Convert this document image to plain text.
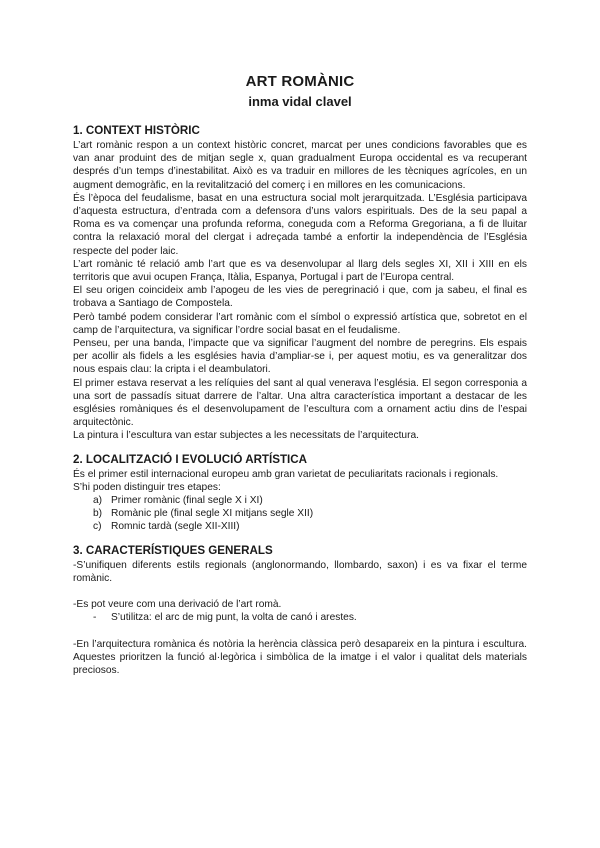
ART ROMÀNIC
inma vidal clavel
1. CONTEXT HISTÒRIC

L’art romànic respon a un context històric concret, marcat per unes condicions favorables que es van anar produint des de mitjan segle x, quan gradualment Europa occidental es va recuperant després d’un temps d’inestabilitat. Això es va traduir en millores de les tècniques agrícoles, en un augment demogràfic, en la revitalització del comerç i en millores en les comunicacions.

És l’època del feudalisme, basat en una estructura social molt jerarquitzada. L’Església participava d’aquesta estructura, d’entrada com a defensora d’uns valors espirituals. Des de la seu papal a Roma es va començar una profunda reforma, coneguda com a Reforma Gregoriana, a fi de lluitar contra la relaxació moral del clergat i adreçada també a enfortir la independència de l’Església respecte del poder laic.

L’art romànic té relació amb l’art que es va desenvolupar al llarg dels segles XI, XII i XIII en els territoris que avui ocupen França, Itàlia, Espanya, Portugal i part de l’Europa central.

El seu origen coincideix amb l’apogeu de les vies de peregrinació i que, com ja sabeu, el final es trobava a Santiago de Compostela.

Però també podem considerar l’art romànic com el símbol o expressió artística que, sobretot en el camp de l’arquitectura, va significar l’ordre social basat en el feudalisme.

Penseu, per una banda, l’impacte que va significar l’augment del nombre de peregrins. Els espais per acollir als fidels a les esglésies havia d’ampliar-se i, per aquest motiu, es va generalitzar dos nous espais clau: la cripta i el deambulatori.

El primer estava reservat a les relíquies del sant al qual venerava l’església. El segon corresponia a una sort de passadís situat darrere de l’altar. Una altra característica important a destacar de les esglésies romàniques és el desenvolupament de l’escultura com a ornament actiu dins de l’espai arquitectònic.

La pintura i l’escultura van estar subjectes a les necessitats de l’arquitectura.

2. LOCALITZACIÓ I EVOLUCIÓ ARTÍSTICA

És el primer estil internacional europeu amb gran varietat de peculiaritats racionals i regionals.

S’hi poden distinguir tres etapes:

a) Primer romànic (final segle X i XI)
b) Romànic ple (final segle XI mitjans segle XII)
c) Romnic tardà (segle XII-XIII)
3. CARACTERÍSTIQUES GENERALS

-S’unifiquen diferents estils regionals (anglonormando, llombardo, saxon) i es va fixar el terme romànic.

-Es pot veure com una derivació de l’art romà.

-	S’utilitza: el arc de mig punt, la volta de canó i arestes.

-En l’arquitectura romànica és notòria la herència clàssica però desapareix en la pintura i escultura. Aquestes prioritzen la funció al·legòrica i simbòlica de la imatge i el valor i qualitat dels materials preciosos.
